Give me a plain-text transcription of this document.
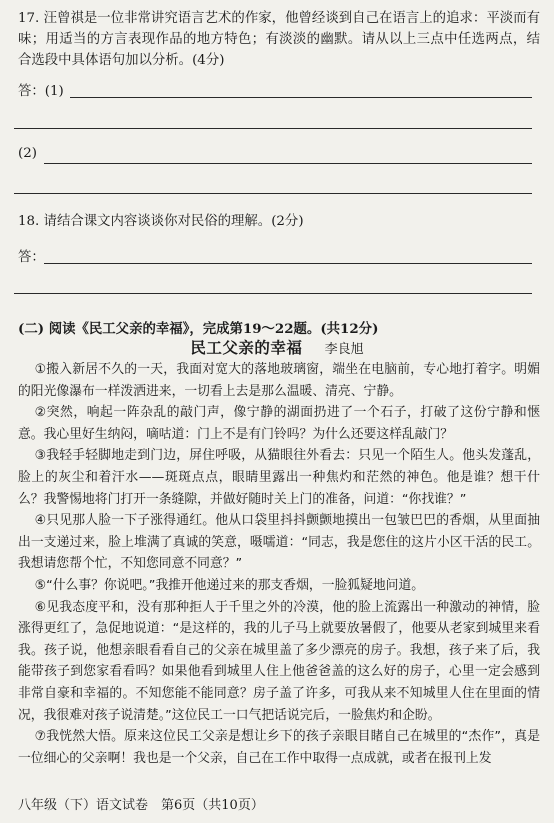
17. 汪曾祺是一位非常讲究语言艺术的作家，他曾经谈到自己在语言上的追求：平淡而有味；用适当的方言表现作品的地方特色；有淡淡的幽默。请从以上三点中任选两点，结合选段中具体语句加以分析。(4分)
答：(1)
(2)
18. 请结合课文内容谈谈你对民俗的理解。(2分)
答：
(二) 阅读《民工父亲的幸福》，完成第19～22题。(共12分)
民工父亲的幸福 李良旭

①搬入新居不久的一天，我面对宽大的落地玻璃窗，端坐在电脑前，专心地打着字。明媚的阳光像瀑布一样泼洒进来，一切看上去是那么温暖、清亮、宁静。

②突然，响起一阵杂乱的敲门声，像宁静的湖面扔进了一个石子，打破了这份宁静和惬意。我心里好生纳闷，嘀咕道：门上不是有门铃吗？为什么还要这样乱敲门？

③我轻手轻脚地走到门边，屏住呼吸，从猫眼往外看去：只见一个陌生人。他头发蓬乱，脸上的灰尘和着汗水——斑斑点点，眼睛里露出一种焦灼和茫然的神色。他是谁？想干什么？我警惕地将门打开一条缝隙，并做好随时关上门的准备，问道：“你找谁？”

④只见那人脸一下子涨得通红。他从口袋里抖抖颤颤地摸出一包皱巴巴的香烟，从里面抽出一支递过来，脸上堆满了真诚的笑意，嗫嚅道：“同志，我是您住的这片小区干活的民工。我想请您帮个忙，不知您同意不同意？”

⑤“什么事？你说吧。”我推开他递过来的那支香烟，一脸狐疑地问道。

⑥见我态度平和，没有那种拒人于千里之外的冷漠，他的脸上流露出一种激动的神情，脸涨得更红了，急促地说道：“是这样的，我的儿子马上就要放暑假了，他要从老家到城里来看我。孩子说，他想亲眼看看自己的父亲在城里盖了多少漂亮的房子。我想，孩子来了后，我能带孩子到您家看看吗？如果他看到城里人住上他爸爸盖的这么好的房子，心里一定会感到非常自豪和幸福的。不知您能不能同意？房子盖了许多，可我从来不知城里人住在里面的情况，我很难对孩子说清楚。”这位民工一口气把话说完后，一脸焦灼和企盼。

⑦我恍然大悟。原来这位民工父亲是想让乡下的孩子亲眼目睹自己在城里的“杰作”，真是一位细心的父亲啊！我也是一个父亲，自己在工作中取得一点成就，或者在报刊上发

八年级（下）语文试卷　第6页（共10页）
